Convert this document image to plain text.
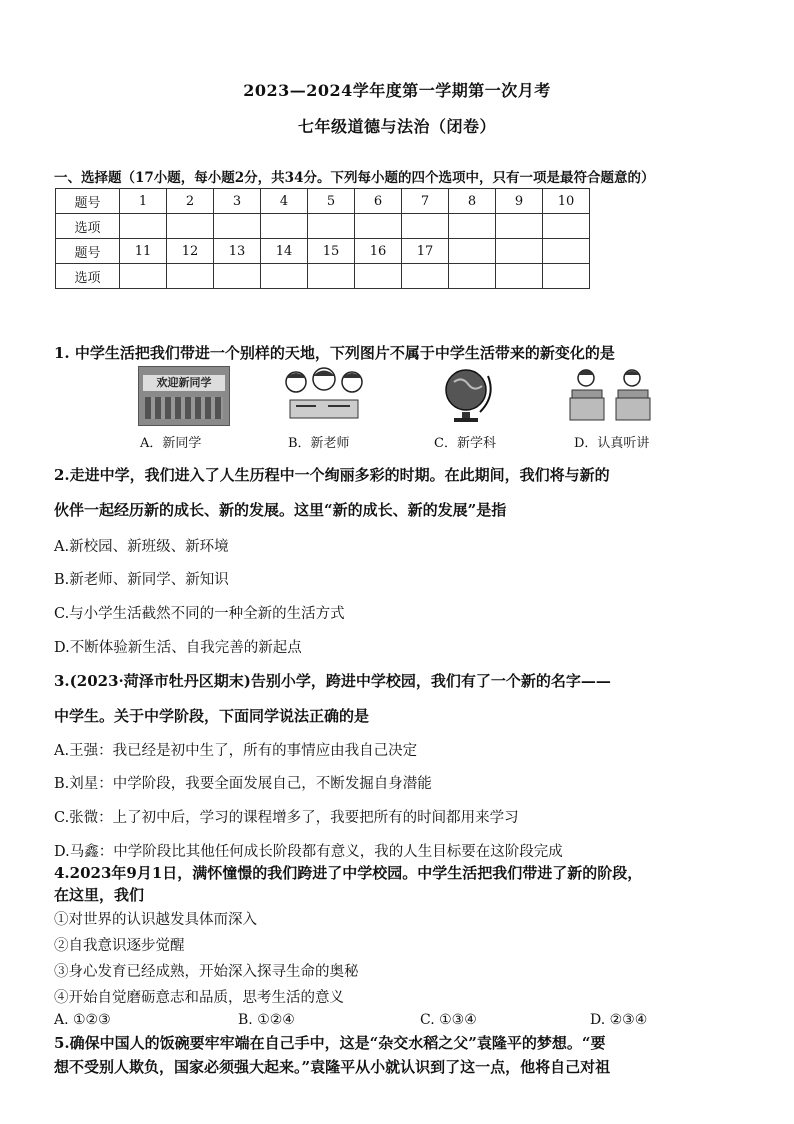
2023—2024学年度第一学期第一次月考
七年级道德与法治（闭卷）
一、选择题（17小题，每小题2分，共34分。下列每小题的四个选项中，只有一项是最符合题意的）
题号	1	2	3	4	5	6	7	8	9	10
选项										
题号	11	12	13	14	15	16	17			
选项										
1. 中学生活把我们带进一个别样的天地，下列图片不属于中学生活带来的新变化的是
欢迎新同学
A．新同学	B．新老师	C．新学科	D．认真听讲
2.走进中学，我们进入了人生历程中一个绚丽多彩的时期。在此期间，我们将与新的
伙伴一起经历新的成长、新的发展。这里“新的成长、新的发展”是指
A.新校园、新班级、新环境
B.新老师、新同学、新知识
C.与小学生活截然不同的一种全新的生活方式
D.不断体验新生活、自我完善的新起点
3.(2023·菏泽市牡丹区期末)告别小学，跨进中学校园，我们有了一个新的名字——
中学生。关于中学阶段，下面同学说法正确的是
A.王强：我已经是初中生了，所有的事情应由我自己决定
B.刘星：中学阶段，我要全面发展自己，不断发掘自身潜能
C.张微：上了初中后，学习的课程增多了，我要把所有的时间都用来学习
D.马鑫：中学阶段比其他任何成长阶段都有意义，我的人生目标要在这阶段完成
4.2023年9月1日，满怀憧憬的我们跨进了中学校园。中学生活把我们带进了新的阶段，
在这里，我们
①对世界的认识越发具体而深入
②自我意识逐步觉醒
③身心发育已经成熟，开始深入探寻生命的奥秘
④开始自觉磨砺意志和品质，思考生活的意义
A. ①②③	B. ①②④	C. ①③④	D. ②③④
5.确保中国人的饭碗要牢牢端在自己手中，这是“杂交水稻之父”袁隆平的梦想。“要
想不受别人欺负，国家必须强大起来。”袁隆平从小就认识到了这一点，他将自己对祖
